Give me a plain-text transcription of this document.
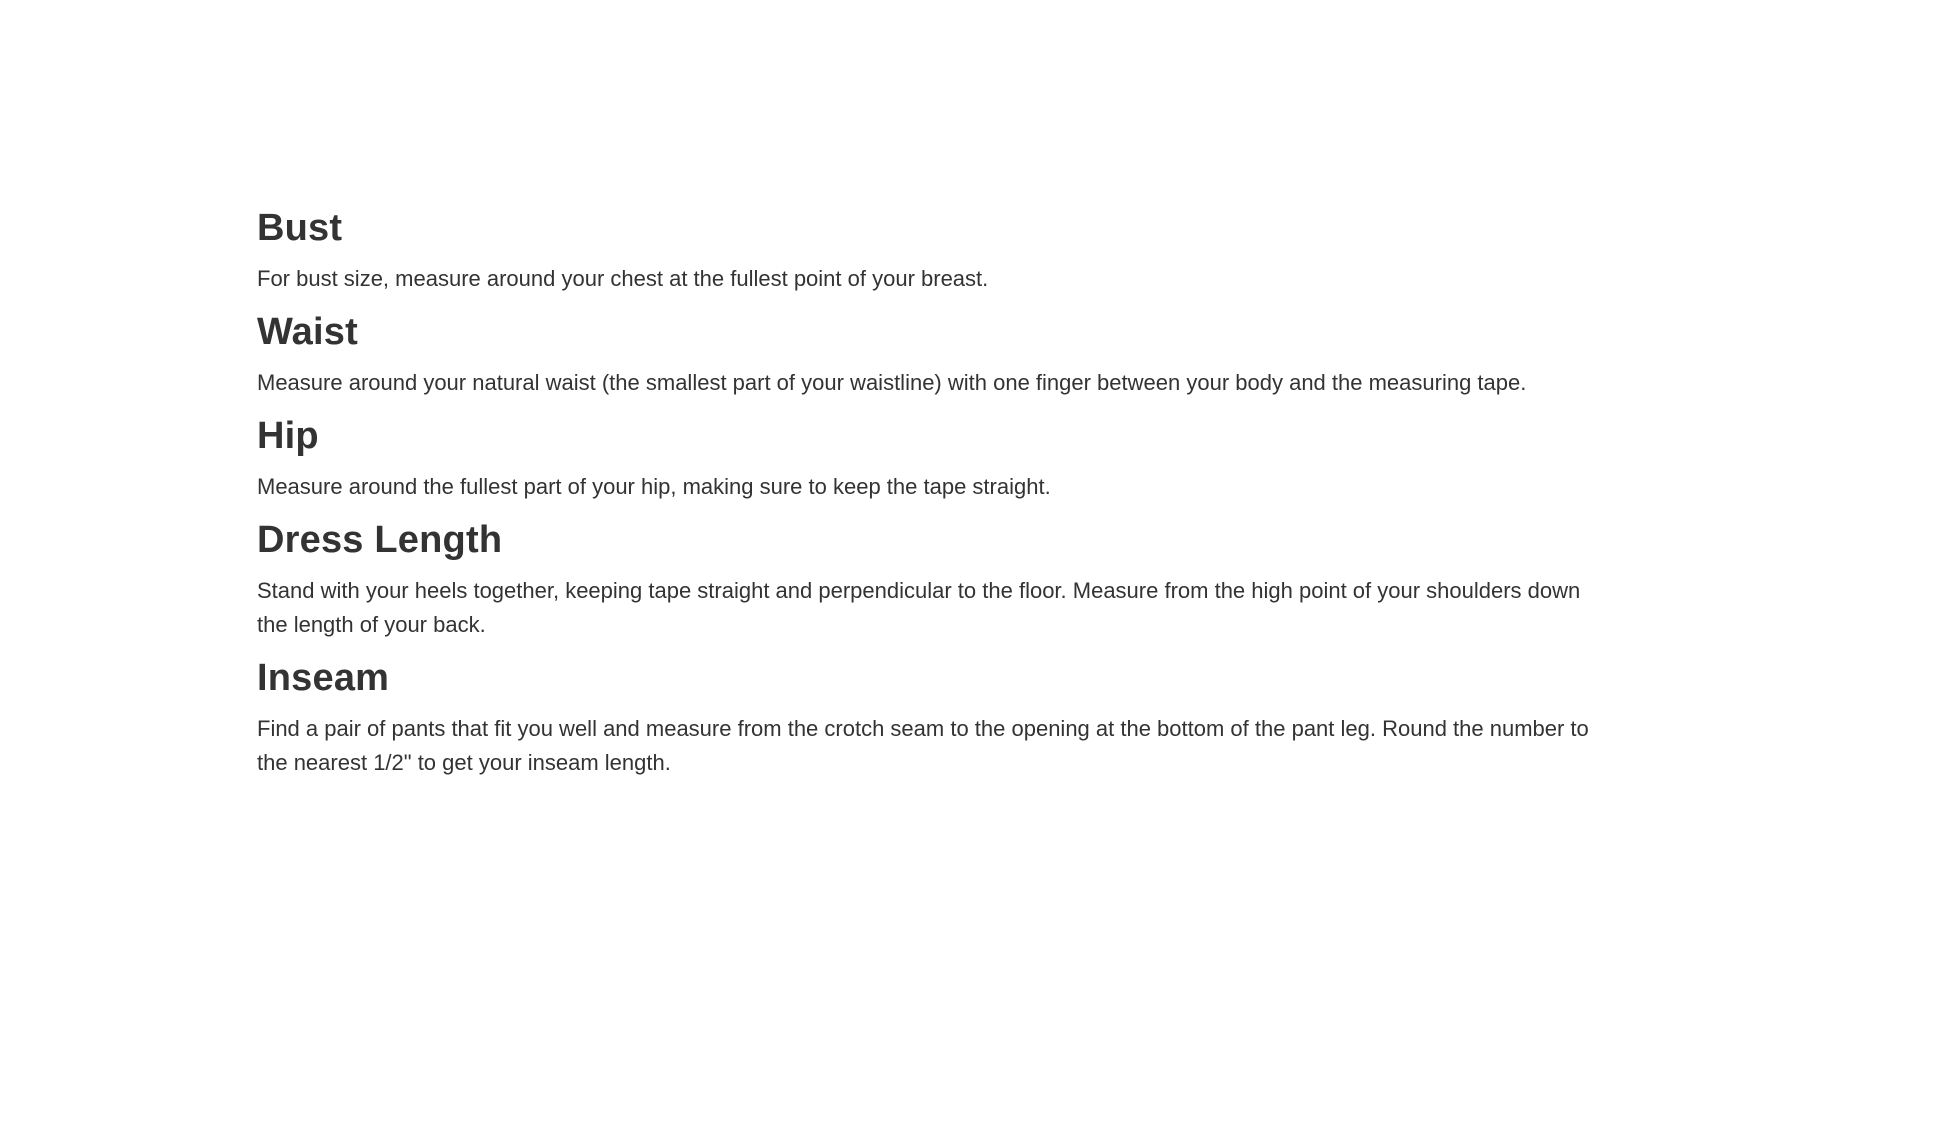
Bust

For bust size, measure around your chest at the fullest point of your breast.

Waist

Measure around your natural waist (the smallest part of your waistline) with one finger between your body and the measuring tape.

Hip

Measure around the fullest part of your hip, making sure to keep the tape straight.

Dress Length

Stand with your heels together, keeping tape straight and perpendicular to the floor. Measure from the high point of your shoulders down the length of your back.

Inseam

Find a pair of pants that fit you well and measure from the crotch seam to the opening at the bottom of the pant leg. Round the number to the nearest 1/2" to get your inseam length.
